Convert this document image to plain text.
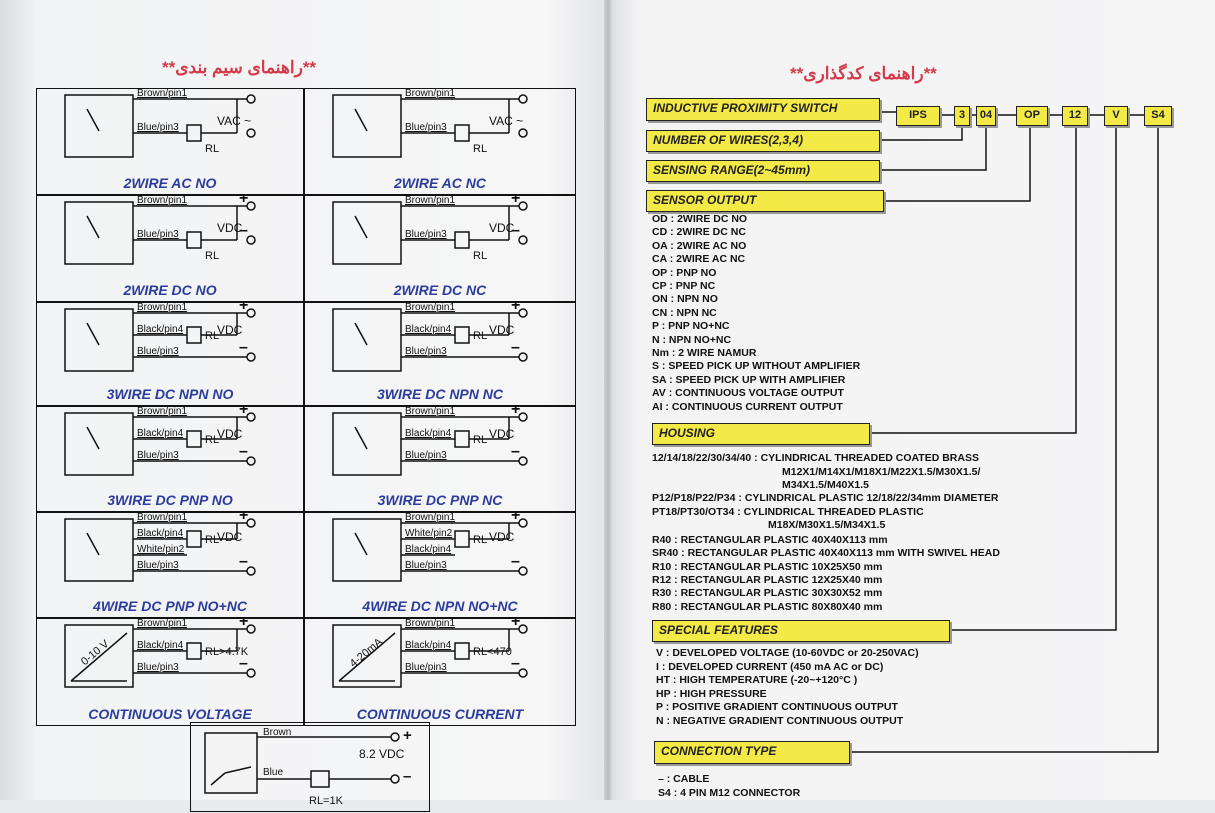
**راهنمای سیم بندی**	**راهنمای کدگذاری**
Brown/pin1
Blue/pin3	VAC ~
RL
2WIRE AC NO
Brown/pin1
Blue/pin3	VAC ~
RL
2WIRE AC NC
Brown/pin1
Blue/pin3	VDC
+
–
RL
2WIRE DC NO
Brown/pin1
Blue/pin3	VDC
+
–
RL
2WIRE DC NC
Brown/pin1
Black/pin4
Blue/pin3
VDC
+
–
RL
3WIRE DC NPN NO
Brown/pin1
Black/pin4
Blue/pin3
VDC
+
–
RL
3WIRE DC NPN NC
Brown/pin1
Black/pin4
Blue/pin3
VDC
+
–
RL
3WIRE DC PNP NO
Brown/pin1
Black/pin4
Blue/pin3
VDC
+
–
RL
3WIRE DC PNP NC
Brown/pin1
Black/pin4
White/pin2
Blue/pin3
VDC
+
–
RL
4WIRE DC PNP NO+NC
Brown/pin1
White/pin2
Black/pin4
Blue/pin3
VDC
+
–
RL
4WIRE DC NPN NO+NC
Brown/pin1
Black/pin4
Blue/pin3
+
–
RL>4.7K
0-10 V
CONTINUOUS VOLTAGE
Brown/pin1
Black/pin4
Blue/pin3
+
–
RL<470
4-20mA
CONTINUOUS CURRENT
Brown
Blue
8.2 VDC
+
–
RL=1K
INDUCTIVE PROXIMITY SWITCH	IPS	3	04	OP	12	V	S4
NUMBER OF WIRES(2,3,4)
SENSING RANGE(2~45mm)
SENSOR OUTPUT
OD : 2WIRE DC NO
CD : 2WIRE DC NC
OA : 2WIRE AC NO
CA : 2WIRE AC NC
OP : PNP NO
CP : PNP NC
ON : NPN NO
CN : NPN NC
P : PNP NO+NC
N : NPN NO+NC
Nm : 2 WIRE NAMUR
S : SPEED PICK UP WITHOUT AMPLIFIER
SA : SPEED PICK UP WITH AMPLIFIER
AV : CONTINUOUS VOLTAGE OUTPUT
AI : CONTINUOUS CURRENT OUTPUT
HOUSING
12/14/18/22/30/34/40 : CYLINDRICAL THREADED COATED BRASS
M12X1/M14X1/M18X1/M22X1.5/M30X1.5/
M34X1.5/M40X1.5
P12/P18/P22/P34 : CYLINDRICAL PLASTIC 12/18/22/34mm DIAMETER
PT18/PT30/OT34 : CYLINDRICAL THREADED PLASTIC
M18X/M30X1.5/M34X1.5
R40 : RECTANGULAR PLASTIC 40X40X113 mm
SR40 : RECTANGULAR PLASTIC 40X40X113 mm WITH SWIVEL HEAD
R10 : RECTANGULAR PLASTIC 10X25X50 mm
R12 : RECTANGULAR PLASTIC 12X25X40 mm
R30 : RECTANGULAR PLASTIC 30X30X52 mm
R80 : RECTANGULAR PLASTIC 80X80X40 mm
SPECIAL FEATURES
V : DEVELOPED VOLTAGE (10-60VDC or 20-250VAC)
I : DEVELOPED CURRENT (450 mA AC or DC)
HT : HIGH TEMPERATURE (-20~+120°C )
HP : HIGH PRESSURE
P : POSITIVE GRADIENT CONTINUOUS OUTPUT
N : NEGATIVE GRADIENT CONTINUOUS OUTPUT
CONNECTION TYPE
– : CABLE
S4 : 4 PIN M12 CONNECTOR
